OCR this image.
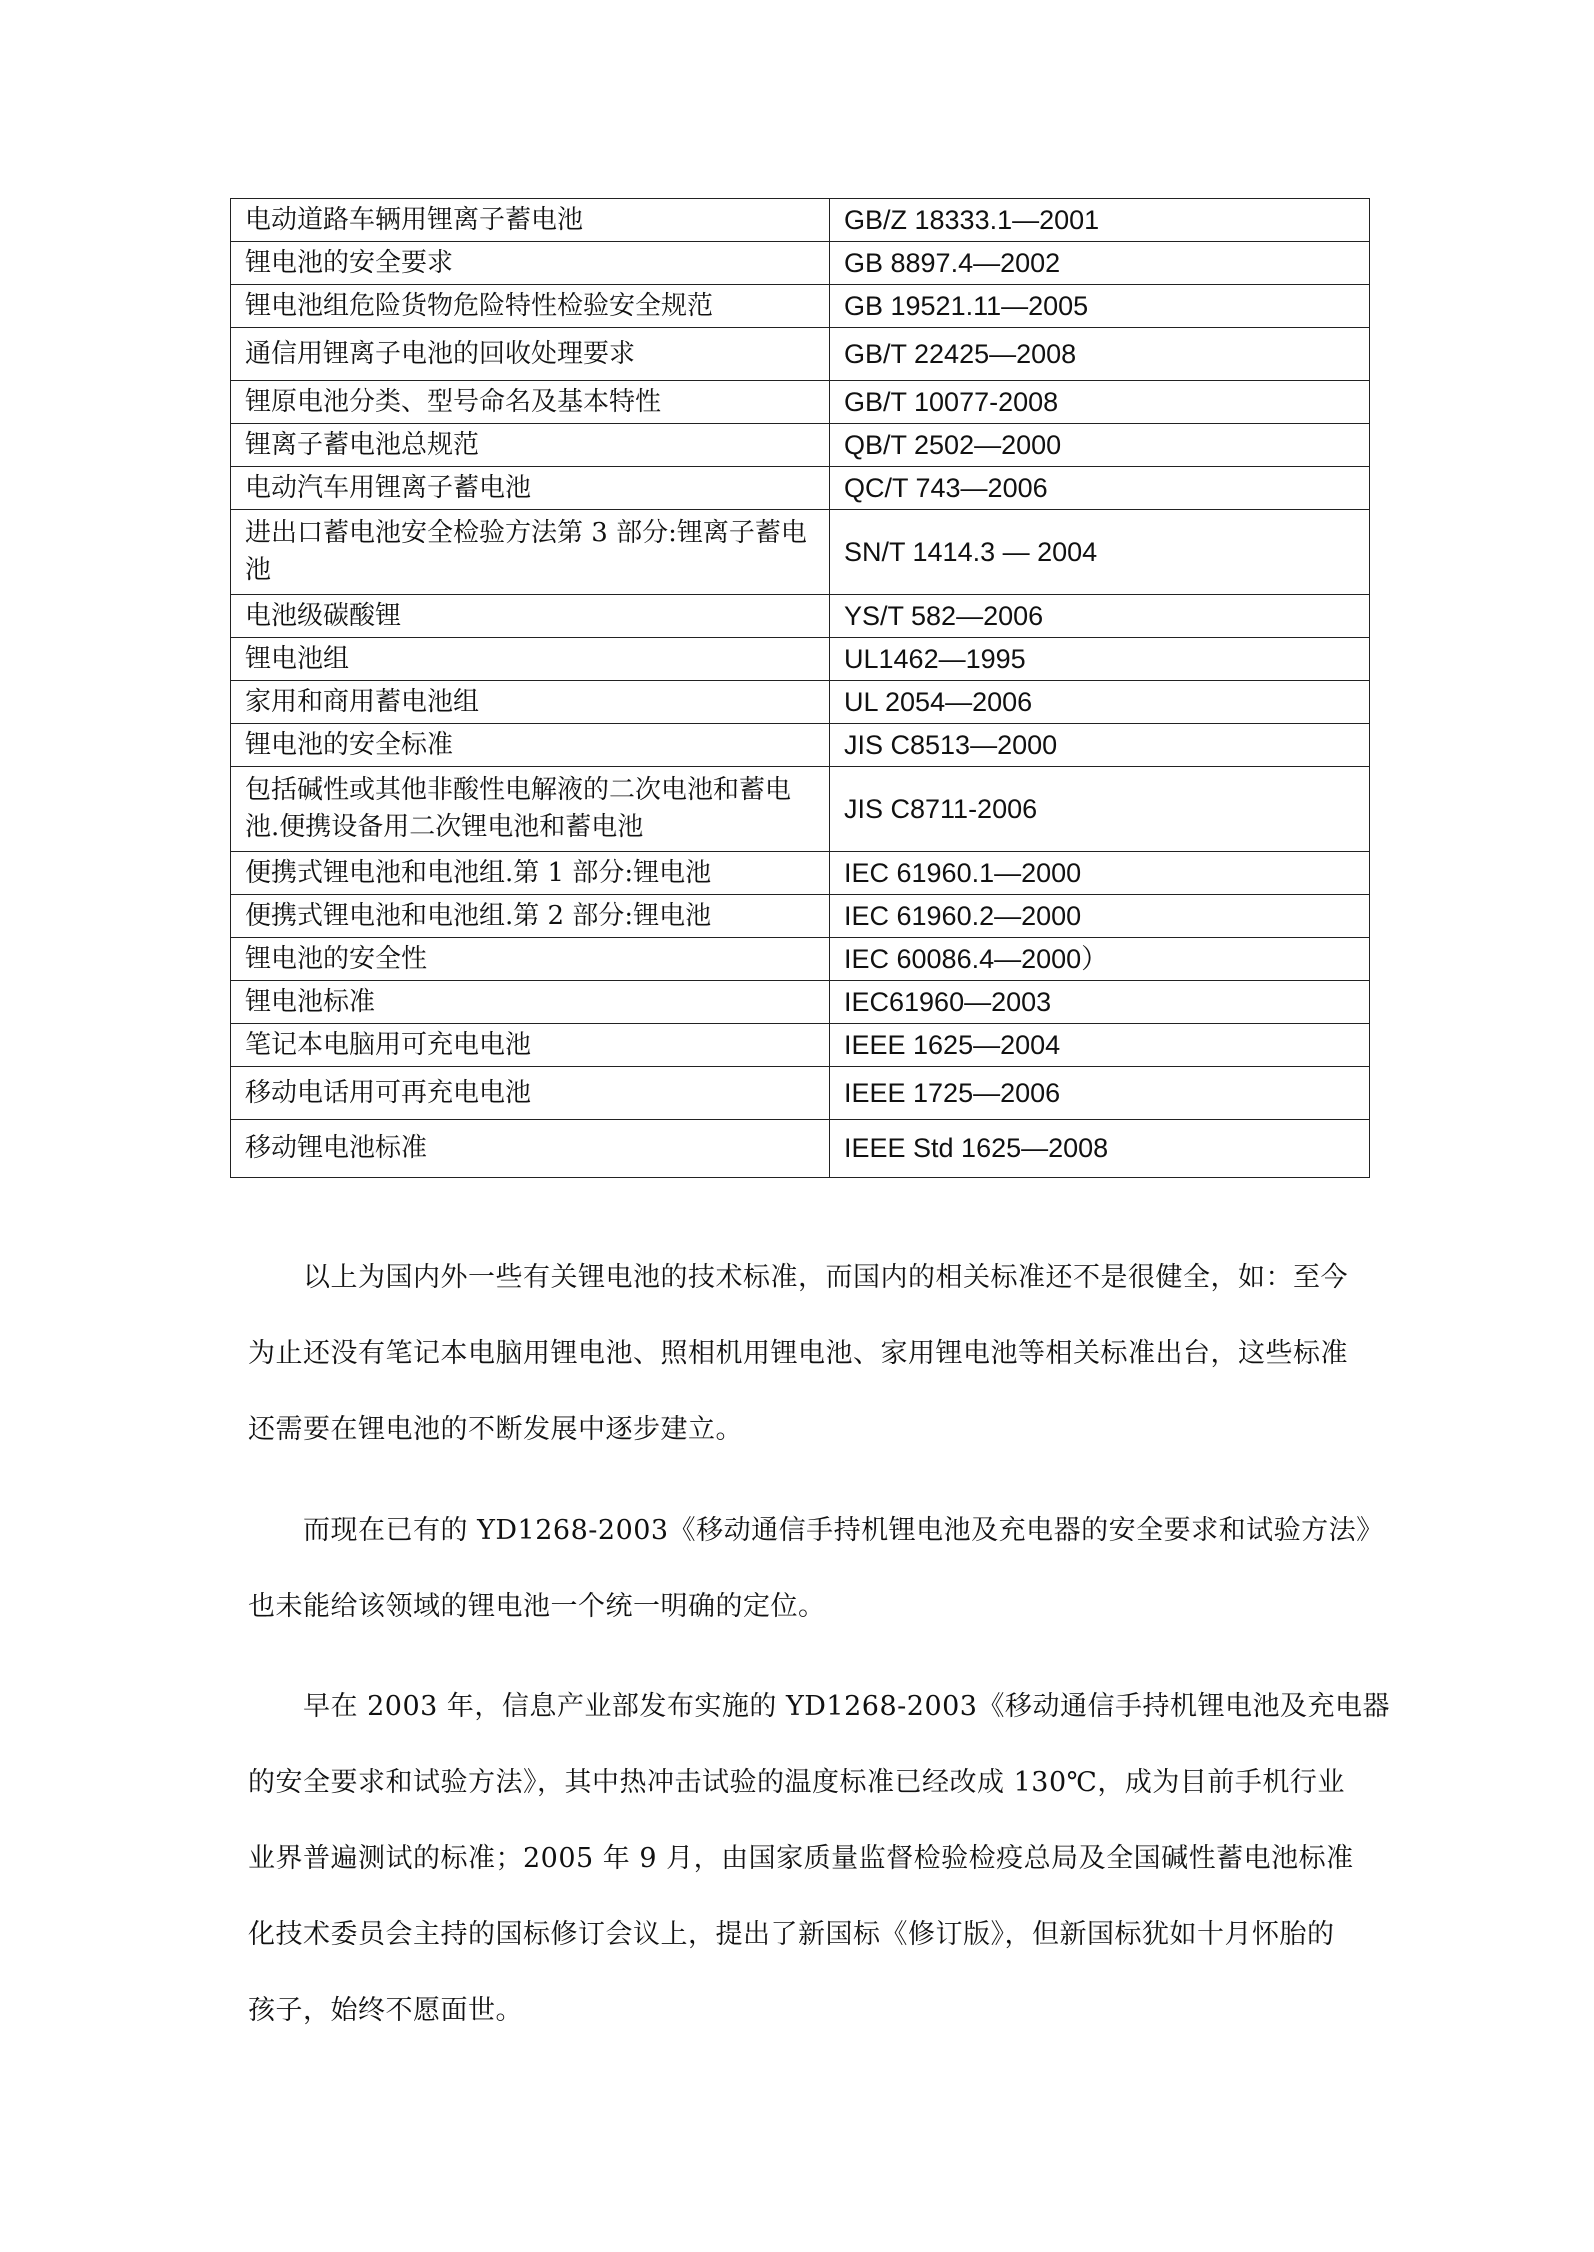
电动道路车辆用锂离子蓄电池	GB/Z 18333.1—2001
锂电池的安全要求	GB 8897.4—2002
锂电池组危险货物危险特性检验安全规范	GB 19521.11—2005
通信用锂离子电池的回收处理要求	GB/T 22425—2008
锂原电池分类、型号命名及基本特性	GB/T 10077-2008
锂离子蓄电池总规范	QB/T 2502—2000
电动汽车用锂离子蓄电池	QC/T 743—2006
进出口蓄电池安全检验方法第 3 部分:锂离子蓄电池	SN/T 1414.3 — 2004
电池级碳酸锂	YS/T 582—2006
锂电池组	UL1462—1995
家用和商用蓄电池组	UL 2054—2006
锂电池的安全标准	JIS C8513—2000
包括碱性或其他非酸性电解液的二次电池和蓄电池.便携设备用二次锂电池和蓄电池	JIS C8711-2006
便携式锂电池和电池组.第 1 部分:锂电池	IEC 61960.1—2000
便携式锂电池和电池组.第 2 部分:锂电池	IEC 61960.2—2000
锂电池的安全性	IEC 60086.4—2000）
锂电池标准	IEC61960—2003
笔记本电脑用可充电电池	IEEE 1625—2004
移动电话用可再充电电池	IEEE 1725—2006
移动锂电池标准	IEEE Std 1625—2008
以上为国内外一些有关锂电池的技术标准，而国内的相关标准还不是很健全，如：至今
为止还没有笔记本电脑用锂电池、照相机用锂电池、家用锂电池等相关标准出台，这些标准
还需要在锂电池的不断发展中逐步建立。
而现在已有的 YD1268-2003《移动通信手持机锂电池及充电器的安全要求和试验方法》
也未能给该领域的锂电池一个统一明确的定位。
早在 2003 年，信息产业部发布实施的 YD1268-2003《移动通信手持机锂电池及充电器
的安全要求和试验方法》，其中热冲击试验的温度标准已经改成 130℃，成为目前手机行业
业界普遍测试的标准；2005 年 9 月，由国家质量监督检验检疫总局及全国碱性蓄电池标准
化技术委员会主持的国标修订会议上，提出了新国标《修订版》，但新国标犹如十月怀胎的
孩子，始终不愿面世。
